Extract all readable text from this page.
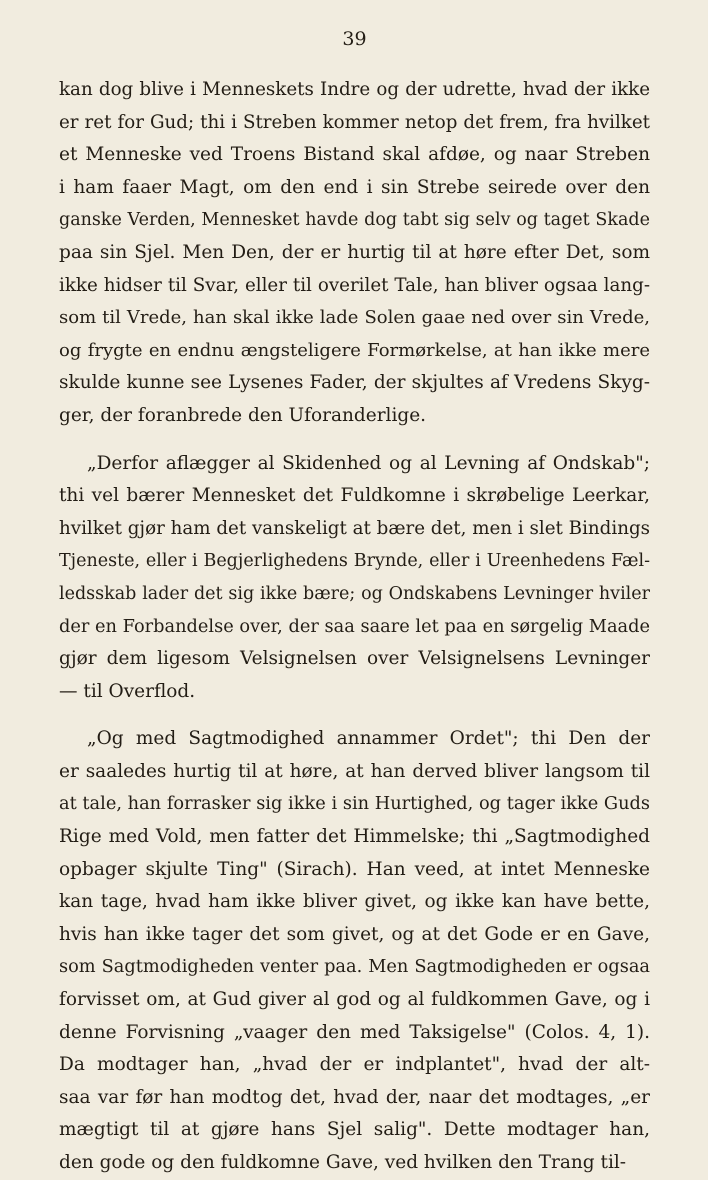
39
kan dog blive i Menneskets Indre og der udrette, hvad der ikke
er ret for Gud; thi i Streben kommer netop det frem, fra hvilket
et Menneske ved Troens Bistand skal afdøe, og naar Streben
i ham faaer Magt, om den end i sin Strebe seirede over den
ganske Verden, Mennesket havde dog tabt sig selv og taget Skade
paa sin Sjel. Men Den, der er hurtig til at høre efter Det, som
ikke hidser til Svar, eller til overilet Tale, han bliver ogsaa lang-
som til Vrede, han skal ikke lade Solen gaae ned over sin Vrede,
og frygte en endnu ængsteligere Formørkelse, at han ikke mere
skulde kunne see Lysenes Fader, der skjultes af Vredens Skyg-
ger, der foranbrede den Uforanderlige.
„Derfor aflægger al Skidenhed og al Levning af Ondskab";
thi vel bærer Mennesket det Fuldkomne i skrøbelige Leerkar,
hvilket gjør ham det vanskeligt at bære det, men i slet Bindings
Tjeneste, eller i Begjerlighedens Brynde, eller i Ureenhedens Fæl-
ledsskab lader det sig ikke bære; og Ondskabens Levninger hviler
der en Forbandelse over, der saa saare let paa en sørgelig Maade
gjør dem ligesom Velsignelsen over Velsignelsens Levninger
— til Overflod.
„Og med Sagtmodighed annammer Ordet"; thi Den der
er saaledes hurtig til at høre, at han derved bliver langsom til
at tale, han forrasker sig ikke i sin Hurtighed, og tager ikke Guds
Rige med Vold, men fatter det Himmelske; thi „Sagtmodighed
opbager skjulte Ting" (Sirach). Han veed, at intet Menneske
kan tage, hvad ham ikke bliver givet, og ikke kan have bette,
hvis han ikke tager det som givet, og at det Gode er en Gave,
som Sagtmodigheden venter paa. Men Sagtmodigheden er ogsaa
forvisset om, at Gud giver al god og al fuldkommen Gave, og i
denne Forvisning „vaager den med Taksigelse" (Colos. 4, 1).
Da modtager han, „hvad der er indplantet", hvad der alt-
saa var før han modtog det, hvad der, naar det modtages, „er
mægtigt til at gjøre hans Sjel salig". Dette modtager han,
den gode og den fuldkomne Gave, ved hvilken den Trang til-
